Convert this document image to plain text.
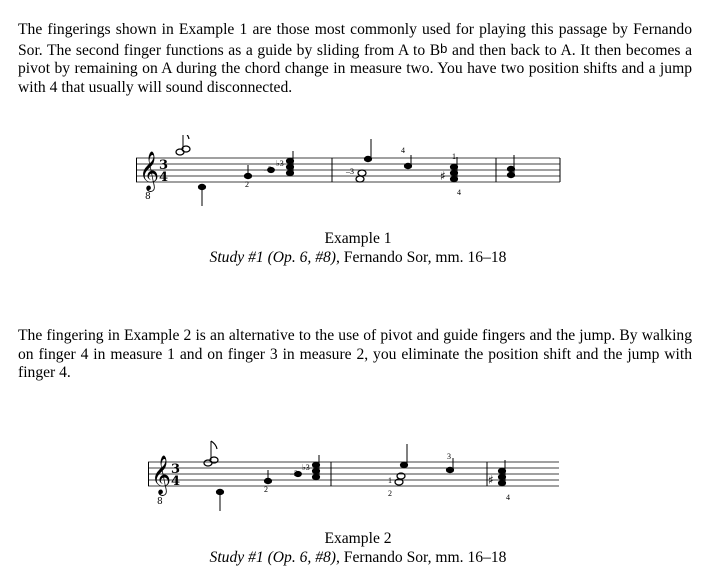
The fingerings shown in Example 1 are those most commonly used for playing this passage by Fernando Sor. The second finger functions as a guide by sliding from A to $B^b$ and then back to A. It then becomes a pivot by remaining on A during the chord change in measure two. You have two position shifts and a jump with 4 that usually will sound disconnected.

𝄞
8
3
4	2
–2
♭3
–3
4
♯
1
4
Example 1
Study #1 (Op. 6, #8), Fernando Sor, mm. 16–18

The fingering in Example 2 is an alternative to the use of pivot and guide fingers and the jump. By walking on finger 4 in measure 1 and on finger 3 in measure 2, you eliminate the position shift and the jump with finger 4.

𝄞
8
3
4
2
–2
♭3
1
2
3
♯
4
Example 2
Study #1 (Op. 6, #8), Fernando Sor, mm. 16–18
